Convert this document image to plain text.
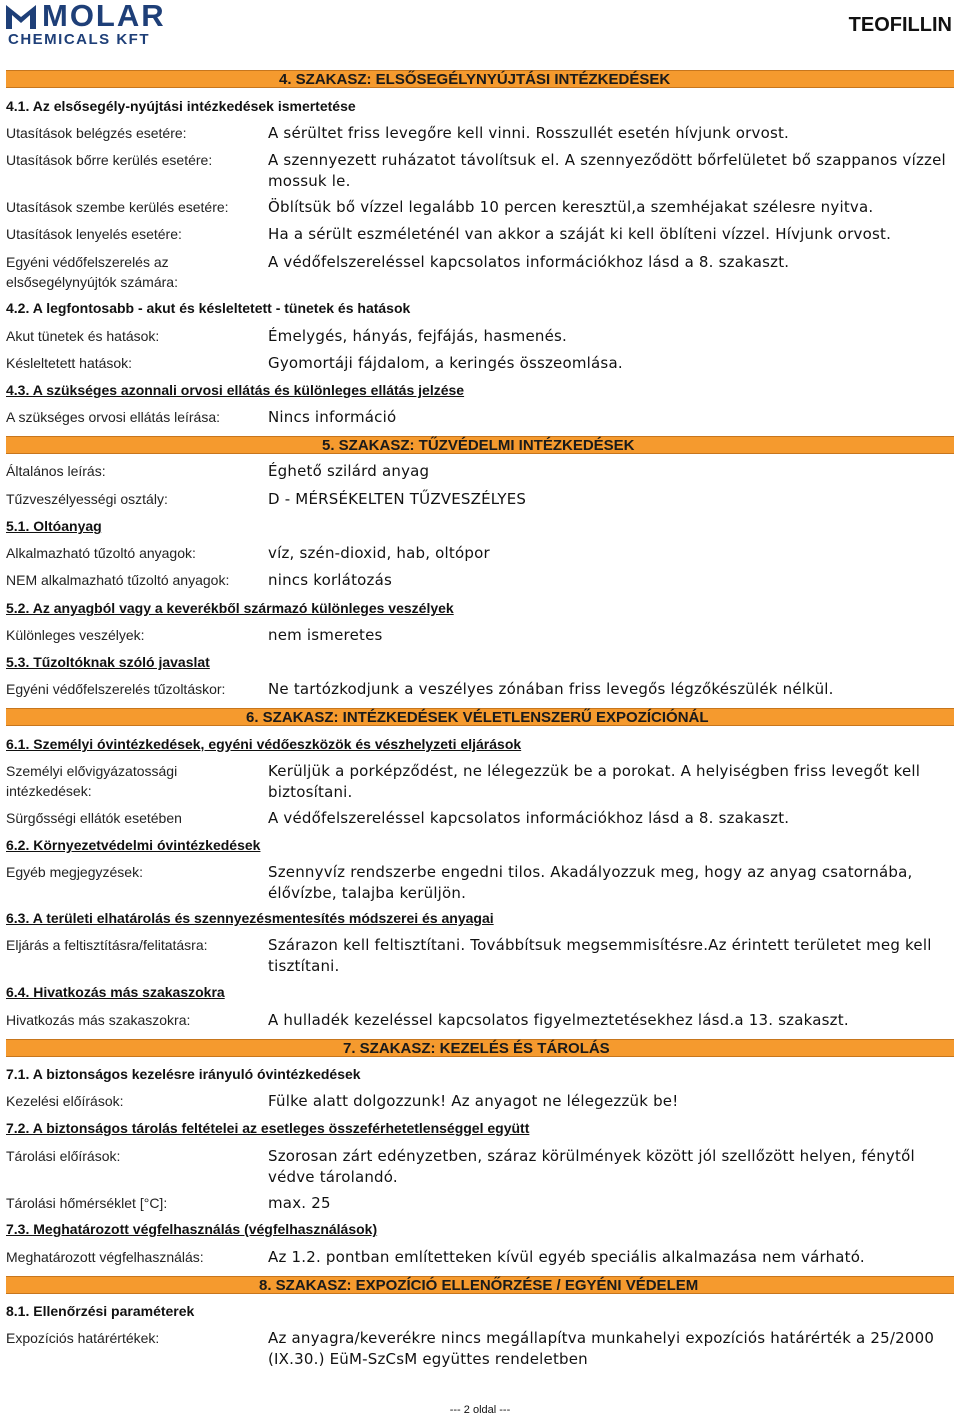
MOLAR
CHEMICALS KFT
TEOFILLIN
4. SZAKASZ: ELSŐSEGÉLYNYÚJTÁSI INTÉZKEDÉSEK
4.1. Az elsősegély-nyújtási intézkedések ismertetése
Utasítások belégzés esetére:	A sérültet friss levegőre kell vinni. Rosszullét esetén hívjunk orvost.
Utasítások bőrre kerülés esetére:	A szennyezett ruházatot távolítsuk el. A szennyeződött bőrfelületet bő szappanos vízzel mossuk le.
Utasítások szembe kerülés esetére:	Öblítsük bő vízzel legalább 10 percen keresztül,a szemhéjakat szélesre nyitva.
Utasítások lenyelés esetére:	Ha a sérült eszméleténél van akkor a száját ki kell öblíteni vízzel. Hívjunk orvost.
Egyéni védőfelszerelés az elsősegélynyújtók számára:
A védőfelszereléssel kapcsolatos információkhoz lásd a 8. szakaszt.
4.2. A legfontosabb - akut és késleltetett - tünetek és hatások
Akut tünetek és hatások:	Émelygés, hányás, fejfájás, hasmenés.
Késleltetett hatások:	Gyomortáji fájdalom, a keringés összeomlása.
4.3. A szükséges azonnali orvosi ellátás és különleges ellátás jelzése
A szükséges orvosi ellátás leírása:	Nincs információ
5. SZAKASZ: TŰZVÉDELMI INTÉZKEDÉSEK
Általános leírás:	Éghető szilárd anyag
Tűzveszélyességi osztály:	D - MÉRSÉKELTEN TŰZVESZÉLYES
5.1. Oltóanyag
Alkalmazható tűzoltó anyagok:	víz, szén-dioxid, hab, oltópor
NEM alkalmazható tűzoltó anyagok:	nincs korlátozás
5.2. Az anyagból vagy a keverékből származó különleges veszélyek
Különleges veszélyek:	nem ismeretes
5.3. Tűzoltóknak szóló javaslat
Egyéni védőfelszerelés tűzoltáskor:	Ne tartózkodjunk a veszélyes zónában friss levegős légzőkészülék nélkül.
6. SZAKASZ: INTÉZKEDÉSEK VÉLETLENSZERŰ EXPOZÍCIÓNÁL
6.1. Személyi óvintézkedések, egyéni védőeszközök és vészhelyzeti eljárások
Személyi elővigyázatossági intézkedések:
Kerüljük a porképződést, ne lélegezzük be a porokat. A helyiségben friss levegőt kell biztosítani.
Sürgősségi ellátók esetében	A védőfelszereléssel kapcsolatos információkhoz lásd a 8. szakaszt.
6.2. Környezetvédelmi óvintézkedések
Egyéb megjegyzések:	Szennyvíz rendszerbe engedni tilos. Akadályozzuk meg, hogy az anyag csatornába, élővízbe, talajba kerüljön.
6.3. A területi elhatárolás és szennyezésmentesítés módszerei és anyagai
Eljárás a feltisztításra/felitatásra:	Szárazon kell feltisztítani. Továbbítsuk megsemmisítésre.Az érintett területet meg kell tisztítani.
6.4. Hivatkozás más szakaszokra
Hivatkozás más szakaszokra:	A hulladék kezeléssel kapcsolatos figyelmeztetésekhez lásd.a 13. szakaszt.
7. SZAKASZ: KEZELÉS ÉS TÁROLÁS
7.1. A biztonságos kezelésre irányuló óvintézkedések
Kezelési előírások:	Fülke alatt dolgozzunk! Az anyagot ne lélegezzük be!
7.2. A biztonságos tárolás feltételei az esetleges összeférhetetlenséggel együtt
Tárolási előírások:	Szorosan zárt edényzetben, száraz körülmények között jól szellőzött helyen, fénytől védve tárolandó.
Tárolási hőmérséklet [°C]:	max. 25
7.3. Meghatározott végfelhasználás (végfelhasználások)
Meghatározott végfelhasználás:	Az 1.2. pontban említetteken kívül egyéb speciális alkalmazása nem várható.
8. SZAKASZ: EXPOZÍCIÓ ELLENŐRZÉSE / EGYÉNI VÉDELEM
8.1. Ellenőrzési paraméterek
Expozíciós határértékek:	Az anyagra/keverékre nincs megállapítva munkahelyi expozíciós határérték a 25/2000 (IX.30.) EüM-SzCsM együttes rendeletben
--- 2 oldal ---
